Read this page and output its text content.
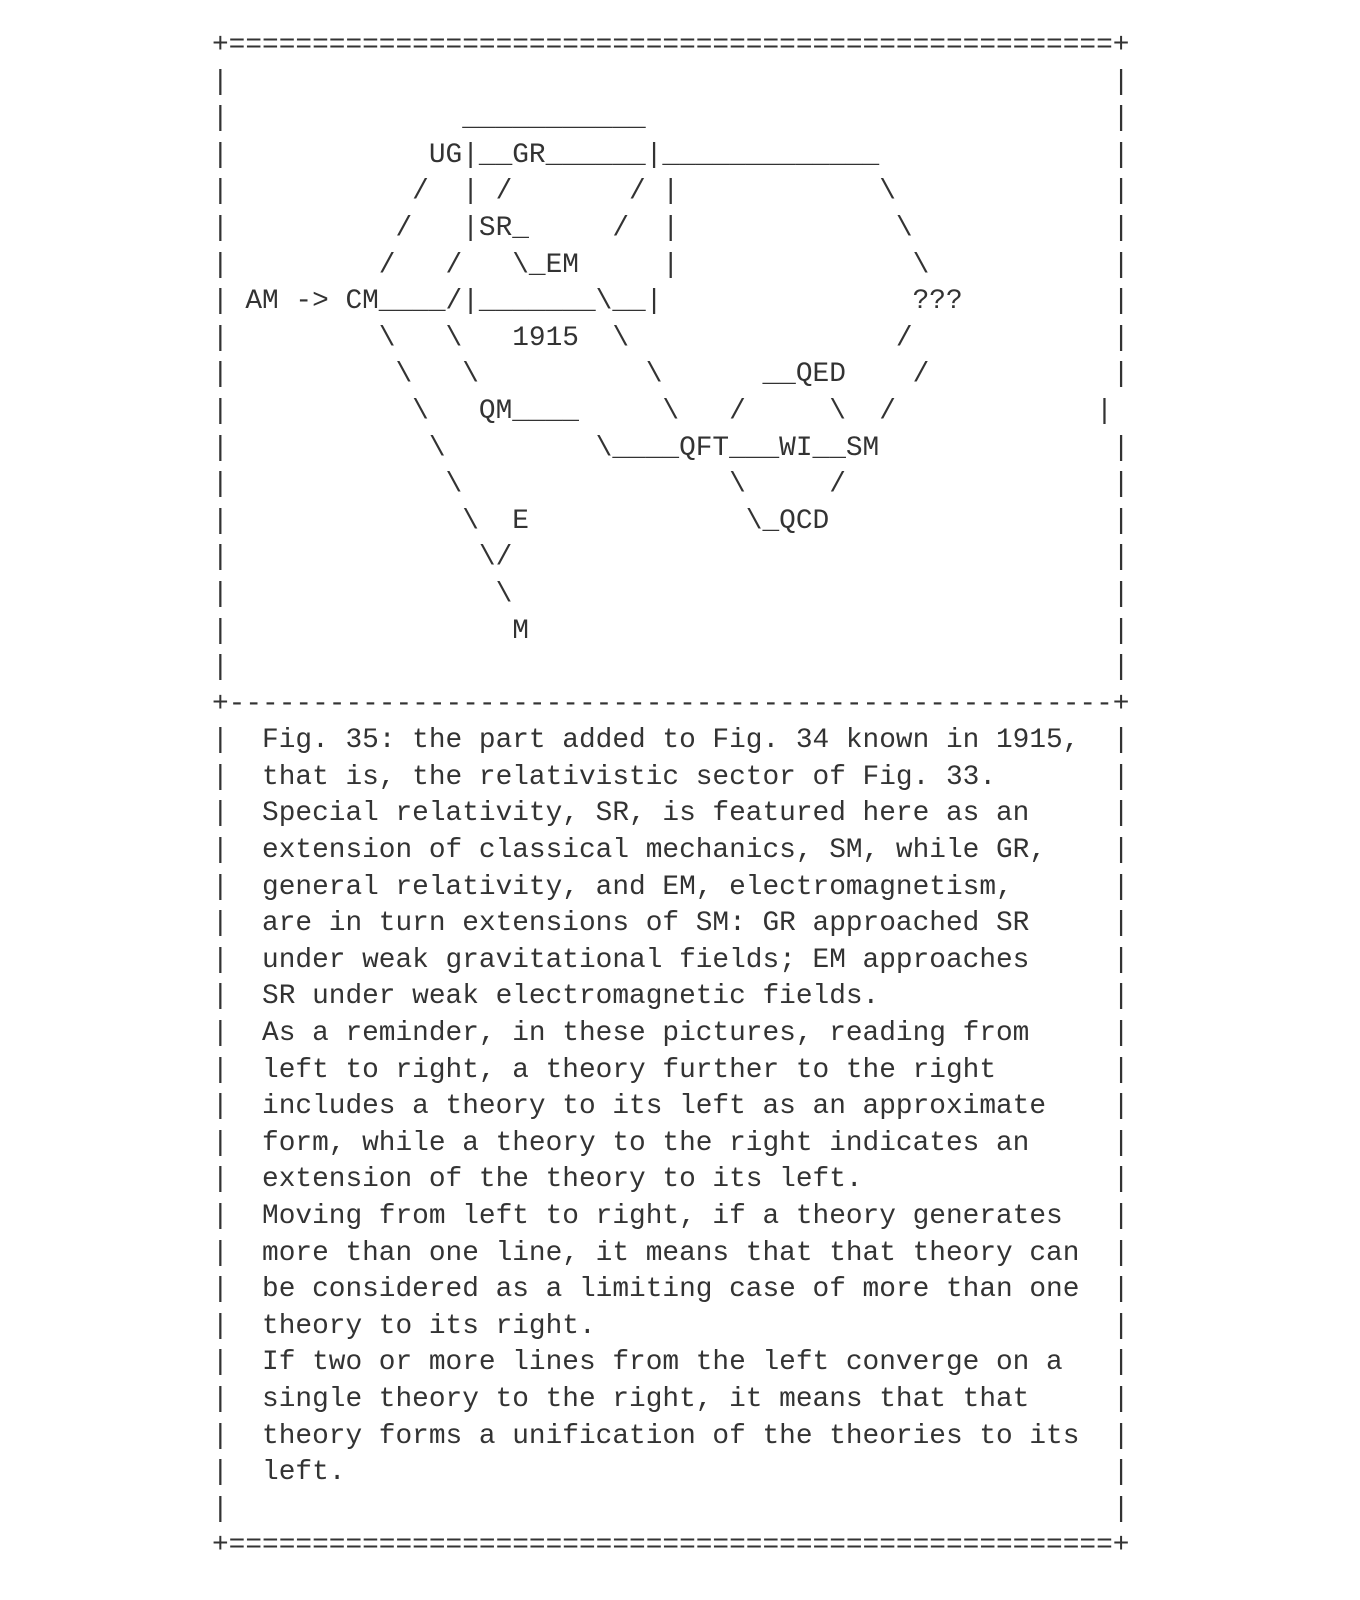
+=====================================================+
|                                                     |
|              ___________                            |
|            UG|__GR______|_____________              |
|           /  | /       / |            \             |
|          /   |SR_     /  |             \            |
|         /   /   \_EM     |              \           |
| AM -> CM____/|_______\__|               ???         |
|         \   \   1915  \                /            |
|          \   \          \      __QED    /           |
|           \   QM____     \   /     \  /            |
|            \         \____QFT___WI__SM              |
|             \                \     /                |
|              \  E             \_QCD                 |
|               \/                                    |
|                \                                    |
|                 M                                   |
|                                                     |
+-----------------------------------------------------+
|  Fig. 35: the part added to Fig. 34 known in 1915,  |
|  that is, the relativistic sector of Fig. 33.       |
|  Special relativity, SR, is featured here as an     |
|  extension of classical mechanics, SM, while GR,    |
|  general relativity, and EM, electromagnetism,      |
|  are in turn extensions of SM: GR approached SR     |
|  under weak gravitational fields; EM approaches     |
|  SR under weak electromagnetic fields.              |
|  As a reminder, in these pictures, reading from     |
|  left to right, a theory further to the right       |
|  includes a theory to its left as an approximate    |
|  form, while a theory to the right indicates an     |
|  extension of the theory to its left.               |
|  Moving from left to right, if a theory generates   |
|  more than one line, it means that that theory can  |
|  be considered as a limiting case of more than one  |
|  theory to its right.                               |
|  If two or more lines from the left converge on a   |
|  single theory to the right, it means that that     |
|  theory forms a unification of the theories to its  |
|  left.                                              |
|                                                     |
+=====================================================+
